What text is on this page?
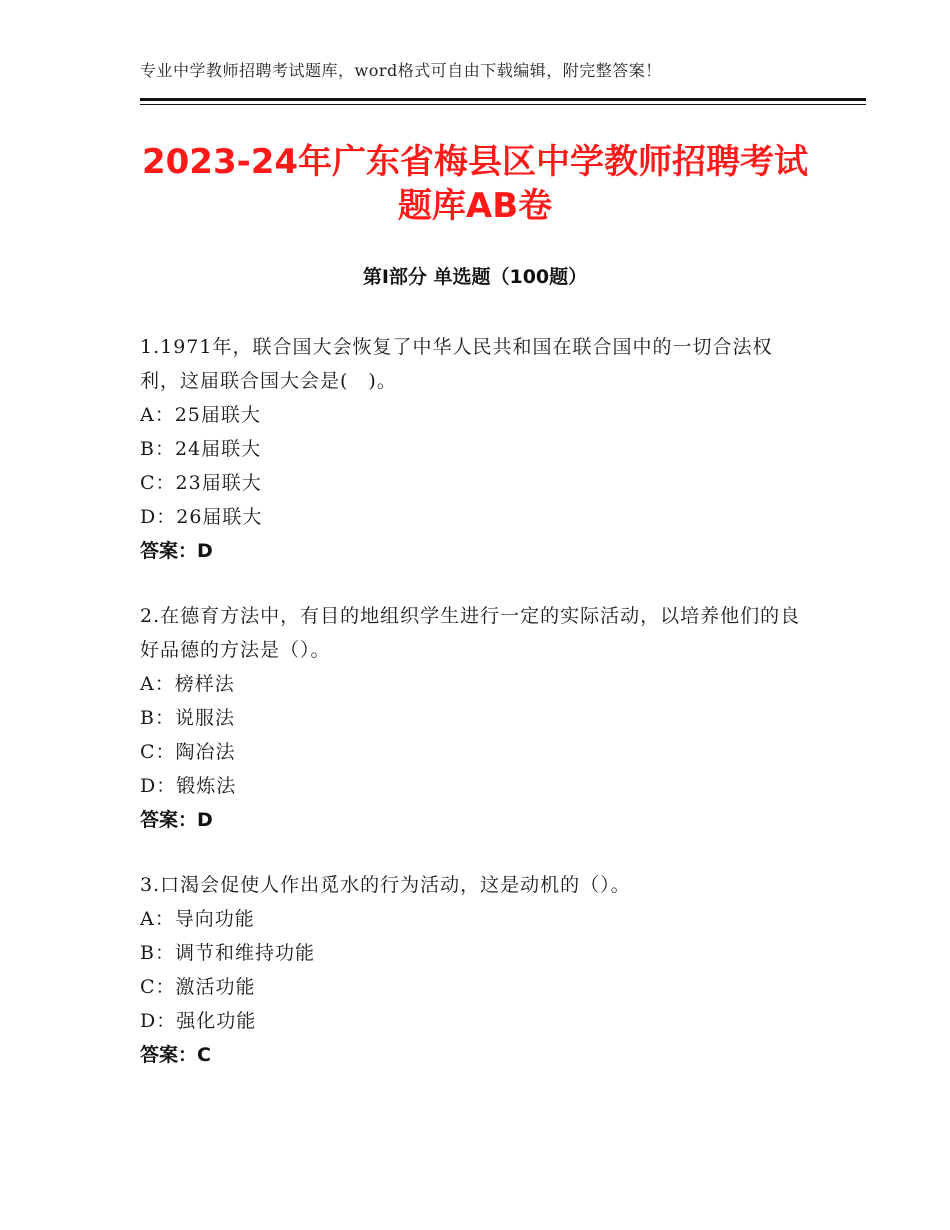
专业中学教师招聘考试题库，word格式可自由下载编辑，附完整答案！
2023-24年广东省梅县区中学教师招聘考试题库AB卷
第Ⅰ部分 单选题（100题）
1.1971年，联合国大会恢复了中华人民共和国在联合国中的一切合法权利，这届联合国大会是(　)。
A：25届联大
B：24届联大
C：23届联大
D：26届联大
答案：D
2.在德育方法中，有目的地组织学生进行一定的实际活动，以培养他们的良好品德的方法是（）。
A：榜样法
B：说服法
C：陶冶法
D：锻炼法
答案：D
3.口渴会促使人作出觅水的行为活动，这是动机的（）。
A：导向功能
B：调节和维持功能
C：激活功能
D：强化功能
答案：C
